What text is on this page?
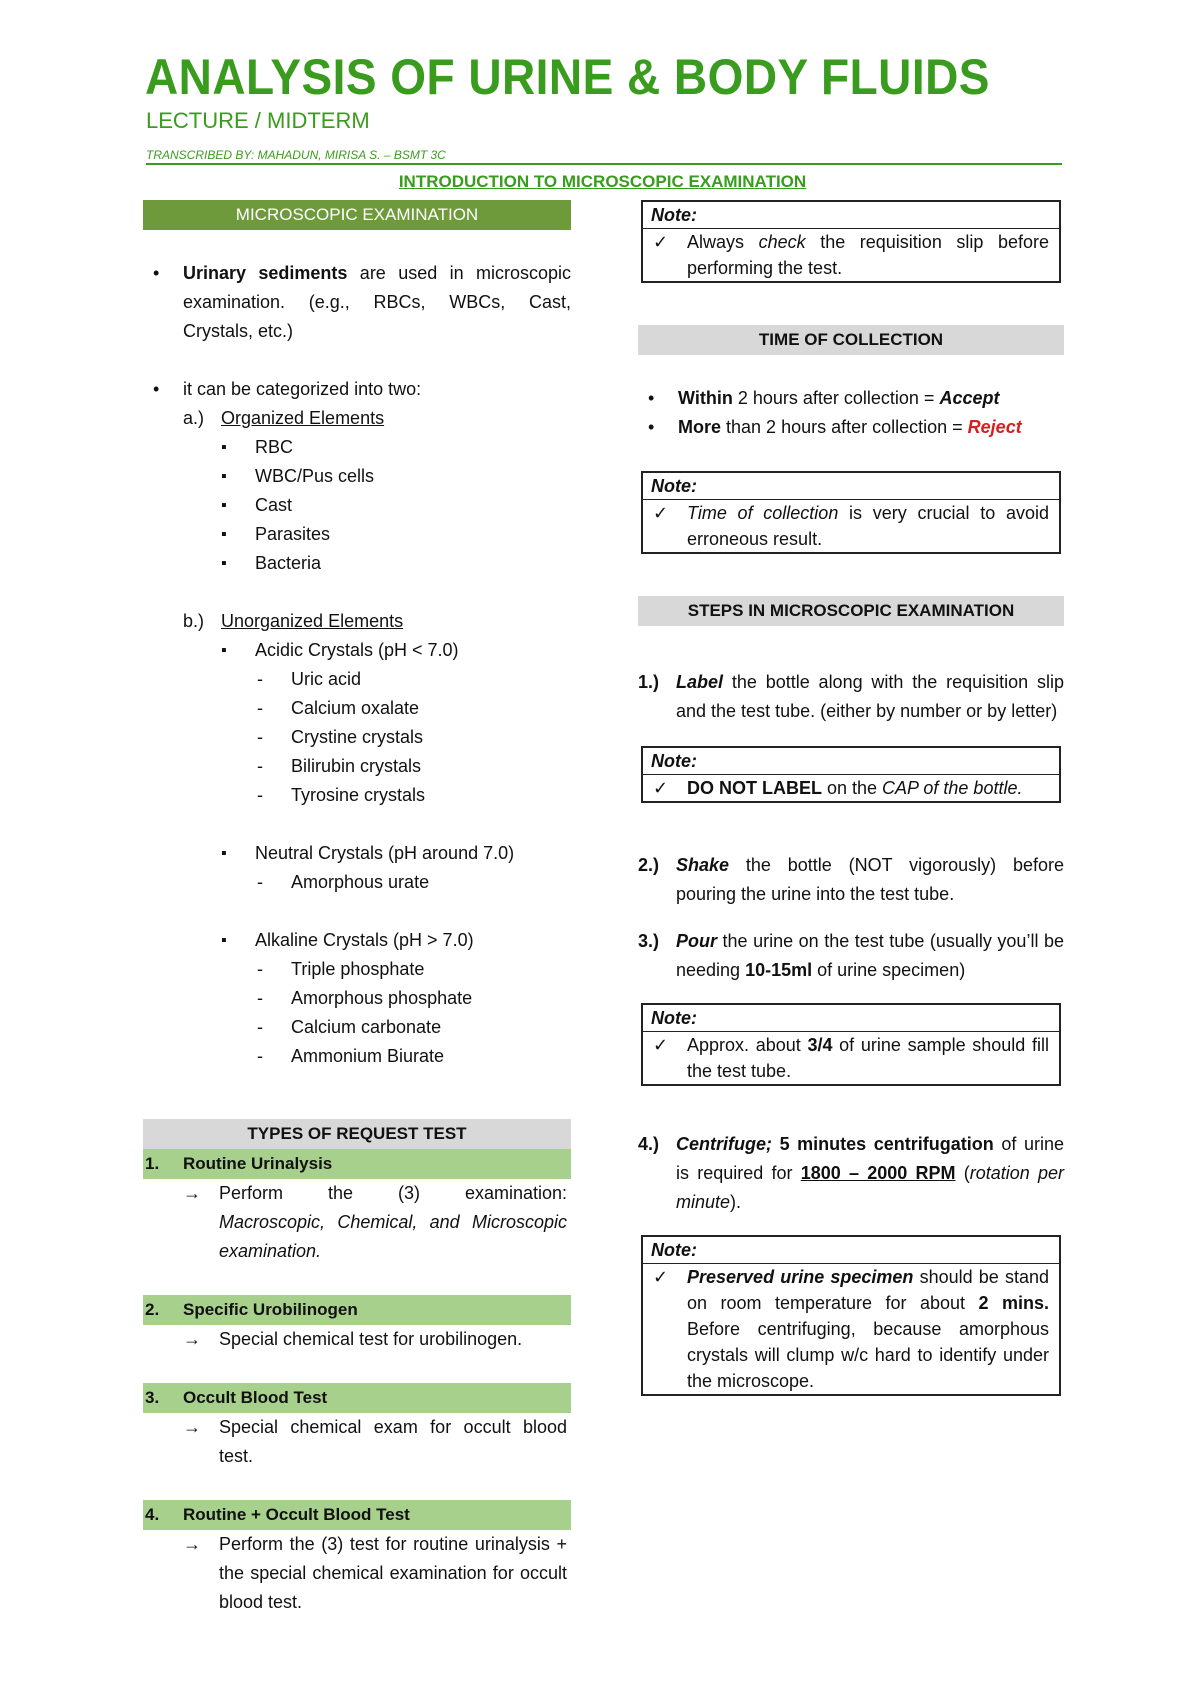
ANALYSIS OF URINE & BODY FLUIDS
LECTURE / MIDTERM
TRANSCRIBED BY: MAHADUN, MIRISA S. – BSMT 3C
INTRODUCTION TO MICROSCOPIC EXAMINATION
MICROSCOPIC EXAMINATION
• Urinary sediments are used in microscopic examination. (e.g., RBCs, WBCs, Cast, Crystals, etc.)
• it can be categorized into two:
a.) Organized Elements
▪ RBC
▪ WBC/Pus cells
▪ Cast
▪ Parasites
▪ Bacteria
b.) Unorganized Elements
▪ Acidic Crystals (pH < 7.0)
- Uric acid
- Calcium oxalate
- Crystine crystals
- Bilirubin crystals
- Tyrosine crystals
▪ Neutral Crystals (pH around 7.0)
- Amorphous urate
▪ Alkaline Crystals (pH > 7.0)
- Triple phosphate
- Amorphous phosphate
- Calcium carbonate
- Ammonium Biurate
TYPES OF REQUEST TEST
1. Routine Urinalysis
→ Perform the (3) examination:
Macroscopic, Chemical, and Microscopic examination.
2. Specific Urobilinogen
→ Special chemical test for urobilinogen.
3. Occult Blood Test
→ Special chemical exam for occult blood test.
4. Routine + Occult Blood Test
→ Perform the (3) test for routine urinalysis + the special chemical examination for occult blood test.
Note:
✓ Always check the requisition slip before performing the test.
TIME OF COLLECTION
• Within 2 hours after collection = Accept
• More than 2 hours after collection = Reject
Note:
✓ Time of collection is very crucial to avoid erroneous result.
STEPS IN MICROSCOPIC EXAMINATION
1.) Label the bottle along with the requisition slip and the test tube. (either by number or by letter)
Note:
✓ DO NOT LABEL on the CAP of the bottle.
2.) Shake the bottle (NOT vigorously) before pouring the urine into the test tube.
3.) Pour the urine on the test tube (usually you’ll be needing 10-15ml of urine specimen)
Note:
✓ Approx. about 3/4 of urine sample should fill the test tube.
4.) Centrifuge; 5 minutes centrifugation of urine is required for 1800 – 2000 RPM (rotation per minute).
Note:
✓ Preserved urine specimen should be stand on room temperature for about 2 mins. Before centrifuging, because amorphous crystals will clump w/c hard to identify under the microscope.
